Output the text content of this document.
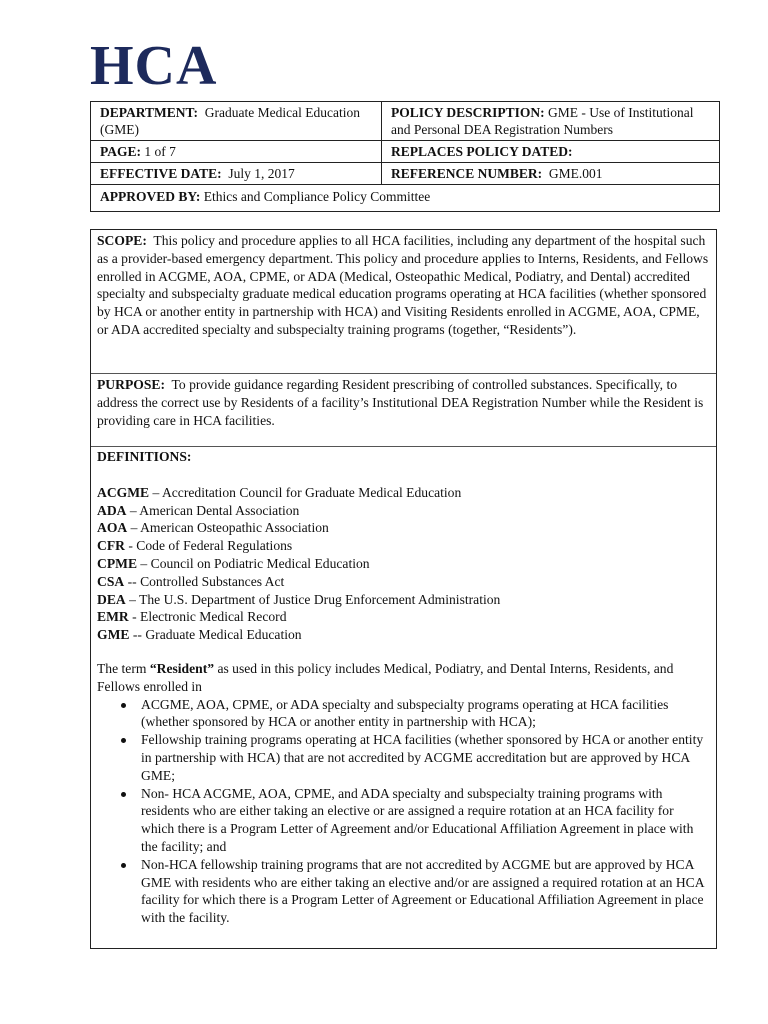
HCA
DEPARTMENT: Graduate Medical Education (GME)	POLICY DESCRIPTION: GME - Use of Institutional and Personal DEA Registration Numbers
PAGE: 1 of 7	REPLACES POLICY DATED:
EFFECTIVE DATE: July 1, 2017	REFERENCE NUMBER: GME.001
APPROVED BY: Ethics and Compliance Policy Committee	
SCOPE: This policy and procedure applies to all HCA facilities, including any department of the hospital such as a provider-based emergency department. This policy and procedure applies to Interns, Residents, and Fellows enrolled in ACGME, AOA, CPME, or ADA (Medical, Osteopathic Medical, Podiatry, and Dental) accredited specialty and subspecialty graduate medical education programs operating at HCA facilities (whether sponsored by HCA or another entity in partnership with HCA) and Visiting Residents enrolled in ACGME, AOA, CPME, or ADA accredited specialty and subspecialty training programs (together, “Residents”).
PURPOSE: To provide guidance regarding Resident prescribing of controlled substances. Specifically, to address the correct use by Residents of a facility’s Institutional DEA Registration Number while the Resident is providing care in HCA facilities.
DEFINITIONS:
ACGME – Accreditation Council for Graduate Medical Education
ADA – American Dental Association
AOA – American Osteopathic Association
CFR - Code of Federal Regulations
CPME – Council on Podiatric Medical Education
CSA -- Controlled Substances Act
DEA – The U.S. Department of Justice Drug Enforcement Administration
EMR - Electronic Medical Record
GME -- Graduate Medical Education
The term “Resident” as used in this policy includes Medical, Podiatry, and Dental Interns, Residents, and Fellows enrolled in
ACGME, AOA, CPME, or ADA specialty and subspecialty programs operating at HCA facilities (whether sponsored by HCA or another entity in partnership with HCA);
Fellowship training programs operating at HCA facilities (whether sponsored by HCA or another entity in partnership with HCA) that are not accredited by ACGME accreditation but are approved by HCA GME;
Non- HCA ACGME, AOA, CPME, and ADA specialty and subspecialty training programs with residents who are either taking an elective or are assigned a require rotation at an HCA facility for which there is a Program Letter of Agreement and/or Educational Affiliation Agreement in place with the facility; and
Non-HCA fellowship training programs that are not accredited by ACGME but are approved by HCA GME with residents who are either taking an elective and/or are assigned a required rotation at an HCA facility for which there is a Program Letter of Agreement or Educational Affiliation Agreement in place with the facility.
